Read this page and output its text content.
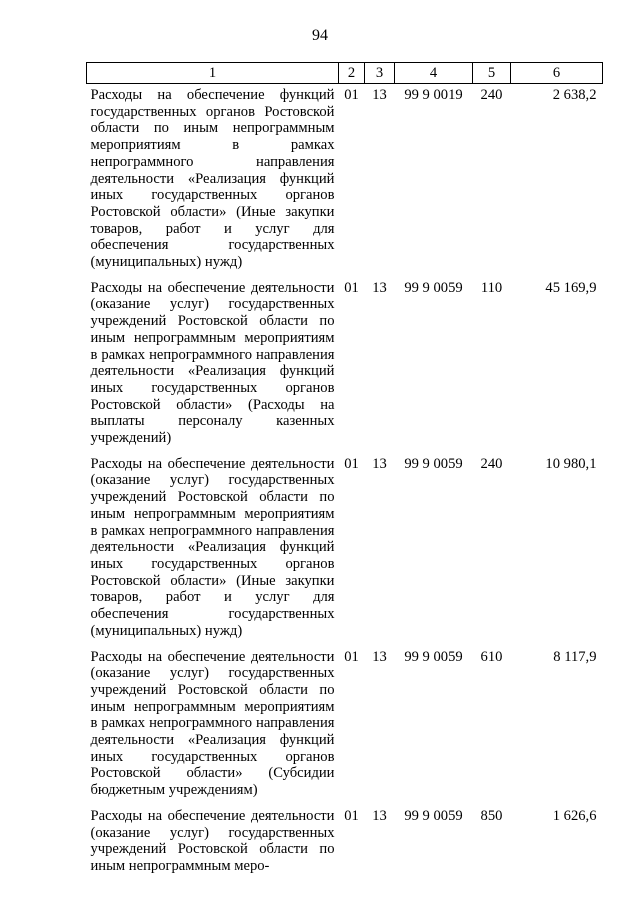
94
1	2	3	4	5	6
Расходы на обеспечение функций государственных органов Ростовской области по иным непрограммным мероприятиям в рамках непрограммного направления деятельности «Реализация функций иных государственных органов Ростовской области» (Иные закупки товаров, работ и услуг для обеспечения государственных (муниципальных) нужд)	01	13	99 9 0019	240	2 638,2
Расходы на обеспечение деятельности (оказание услуг) государственных учреждений Ростовской области по иным непрограммным мероприятиям в рамках непрограммного направления деятельности «Реализация функций иных государственных органов Ростовской области» (Расходы на выплаты персоналу казенных учреждений)	01	13	99 9 0059	110	45 169,9
Расходы на обеспечение деятельности (оказание услуг) государственных учреждений Ростовской области по иным непрограммным мероприятиям в рамках непрограммного направления деятельности «Реализация функций иных государственных органов Ростовской области» (Иные закупки товаров, работ и услуг для обеспечения государственных (муниципальных) нужд)	01	13	99 9 0059	240	10 980,1
Расходы на обеспечение деятельности (оказание услуг) государственных учреждений Ростовской области по иным непрограммным мероприятиям в рамках непрограммного направления деятельности «Реализация функций иных государственных органов Ростовской области» (Субсидии бюджетным учреждениям)	01	13	99 9 0059	610	8 117,9
Расходы на обеспечение деятельности (оказание услуг) государственных учреждений Ростовской области по иным непрограммным меро-	01	13	99 9 0059	850	1 626,6
